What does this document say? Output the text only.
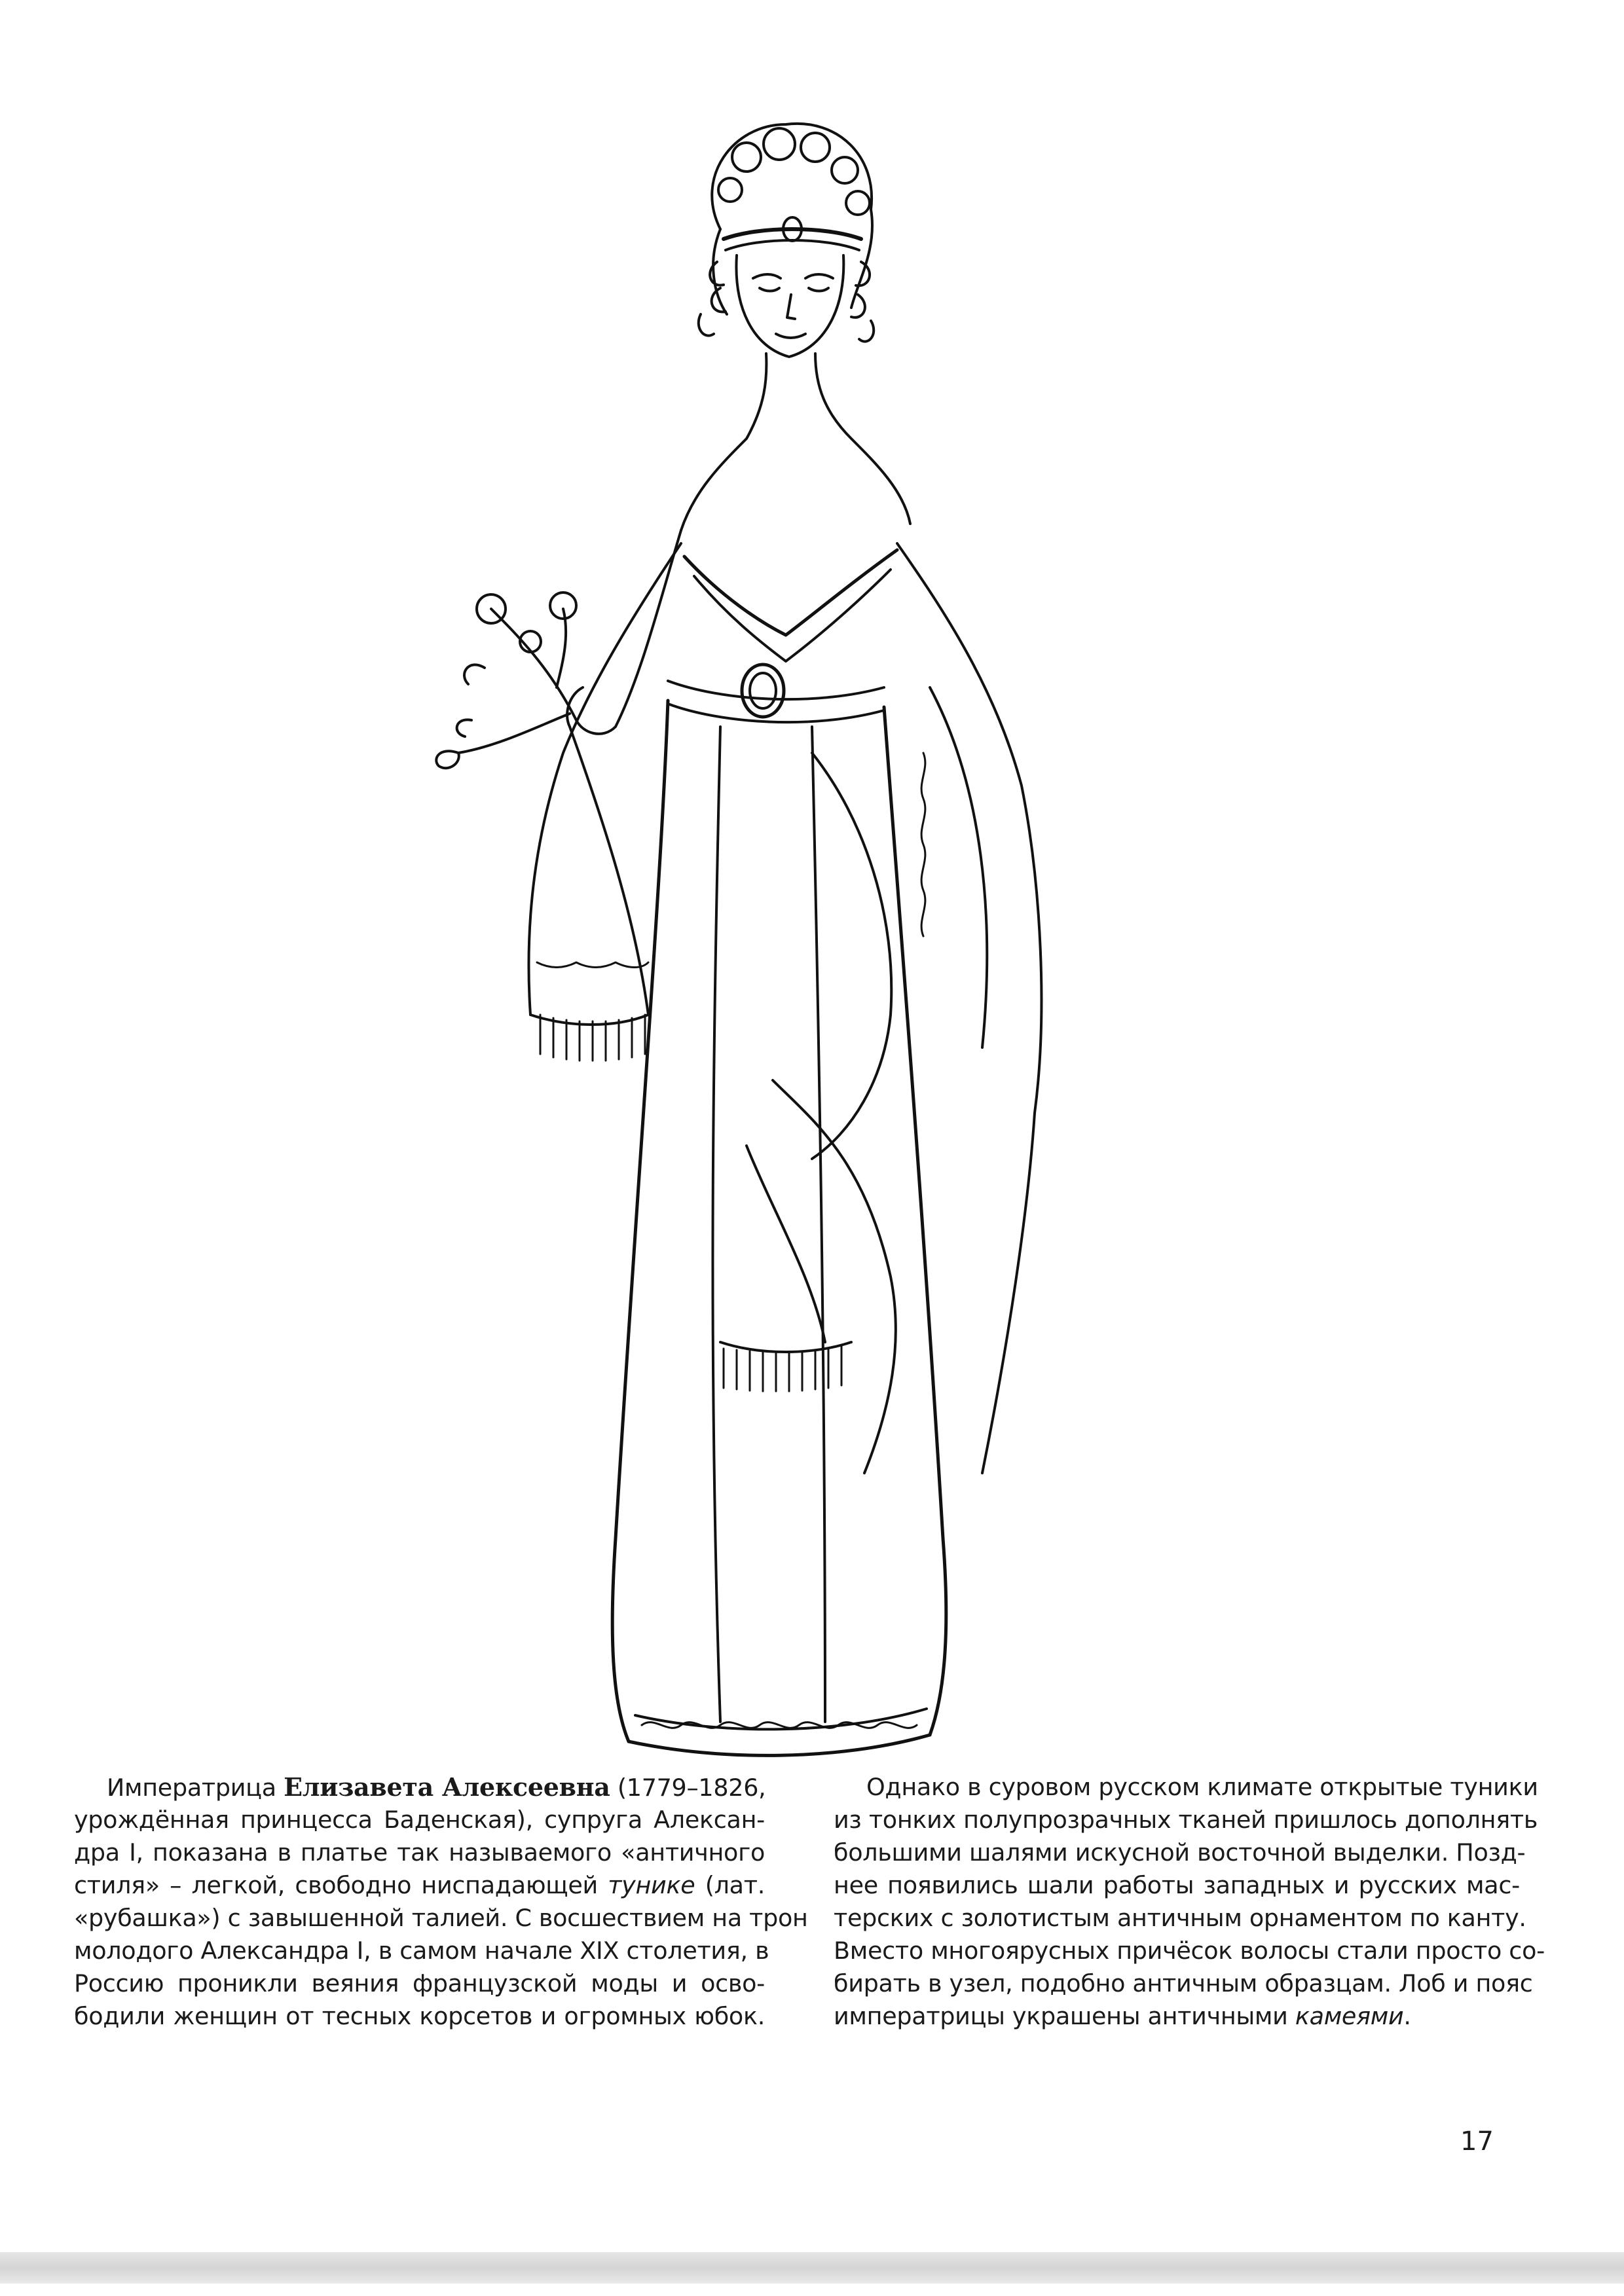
Императрица Елизавета Алексеевна (1779–1826,
урождённая принцесса Баденская), супруга Алексан-
дра I, показана в платье так называемого «античного
стиля» – легкой, свободно ниспадающей тунике (лат.
«рубашка») с завышенной талией. С восшествием на трон
молодого Александра I, в самом начале XIX столетия, в
Россию проникли веяния французской моды и осво-
бодили женщин от тесных корсетов и огромных юбок.
Однако в суровом русском климате открытые туники
из тонких полупрозрачных тканей пришлось дополнять
большими шалями искусной восточной выделки. Позд-
нее появились шали работы западных и русских мас-
терских с золотистым античным орнаментом по канту.
Вместо многоярусных причёсок волосы стали просто со-
бирать в узел, подобно античным образцам. Лоб и пояс
императрицы украшены античными камеями.
17
